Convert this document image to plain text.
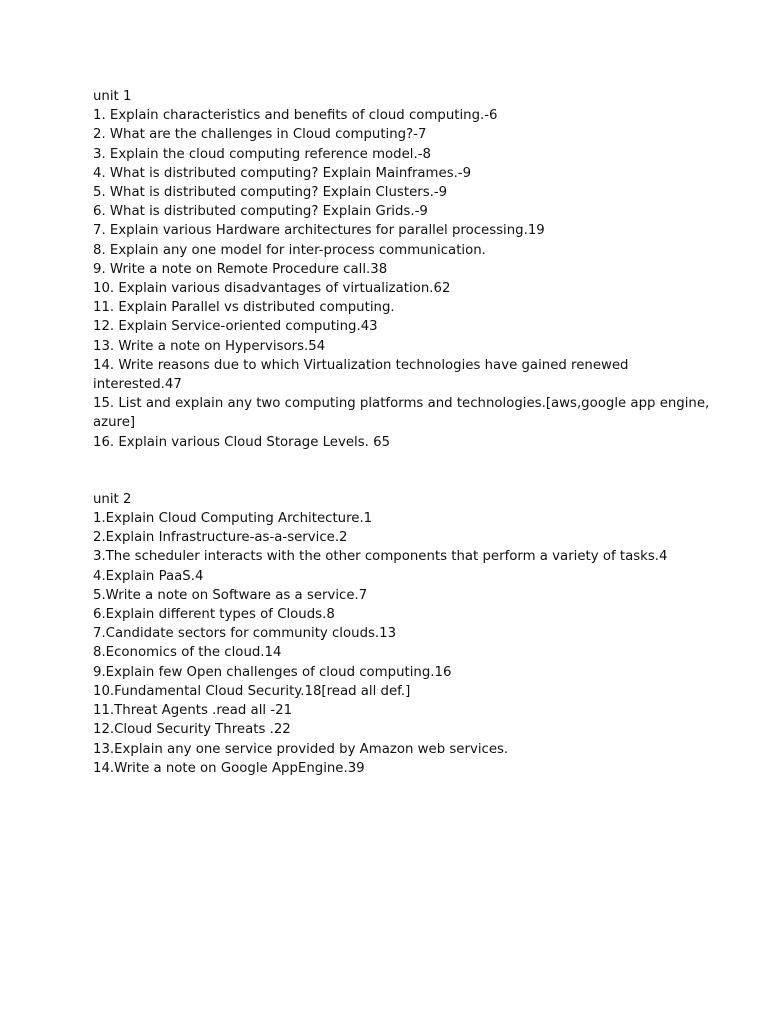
unit 1

1. Explain characteristics and benefits of cloud computing.-6

2. What are the challenges in Cloud computing?-7

3. Explain the cloud computing reference model.-8

4. What is distributed computing? Explain Mainframes.-9

5. What is distributed computing? Explain Clusters.-9

6. What is distributed computing? Explain Grids.-9

7. Explain various Hardware architectures for parallel processing.19

8. Explain any one model for inter-process communication.

9. Write a note on Remote Procedure call.38

10. Explain various disadvantages of virtualization.62

11. Explain Parallel vs distributed computing.

12. Explain Service-oriented computing.43

13. Write a note on Hypervisors.54

14. Write reasons due to which Virtualization technologies have gained renewed

interested.47

15. List and explain any two computing platforms and technologies.[aws,google app engine,

azure]

16. Explain various Cloud Storage Levels. 65

unit 2

1.Explain Cloud Computing Architecture.1

2.Explain Infrastructure-as-a-service.2

3.The scheduler interacts with the other components that perform a variety of tasks.4

4.Explain PaaS.4

5.Write a note on Software as a service.7

6.Explain different types of Clouds.8

7.Candidate sectors for community clouds.13

8.Economics of the cloud.14

9.Explain few Open challenges of cloud computing.16

10.Fundamental Cloud Security.18[read all def.]

11.Threat Agents .read all -21

12.Cloud Security Threats .22

13.Explain any one service provided by Amazon web services.

14.Write a note on Google AppEngine.39
